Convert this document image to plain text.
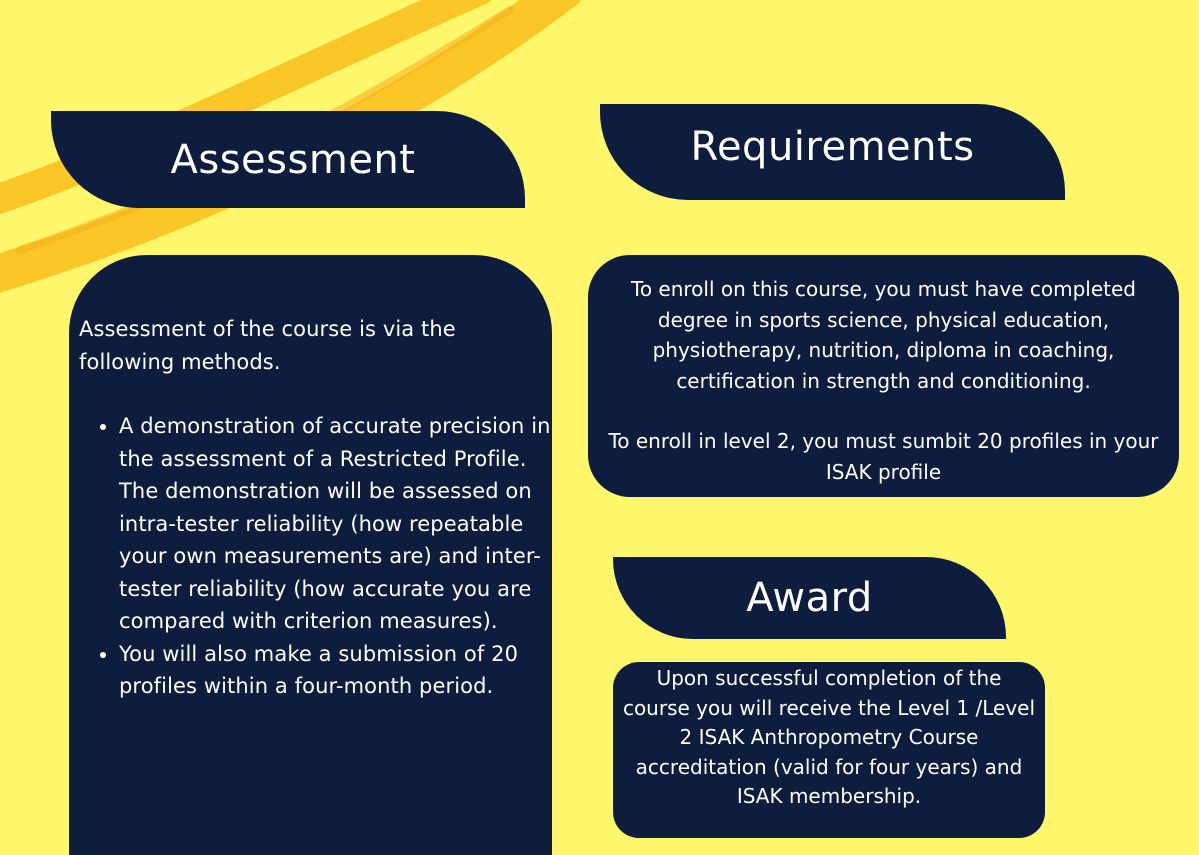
Assessment

Assessment of the course is via the following methods.

• A demonstration of accurate precision in the assessment of a Restricted Profile. The demonstration will be assessed on intra-tester reliability (how repeatable your own measurements are) and inter-tester reliability (how accurate you are compared with criterion measures).
• You will also make a submission of 20 profiles within a four-month period.
Requirements

To enroll on this course, you must have completed degree in sports science, physical education, physiotherapy, nutrition, diploma in coaching, certification in strength and conditioning.

To enroll in level 2, you must sumbit 20 profiles in your ISAK profile

Award

Upon successful completion of the course you will receive the Level 1 /Level 2 ISAK Anthropometry Course accreditation (valid for four years) and ISAK membership.
